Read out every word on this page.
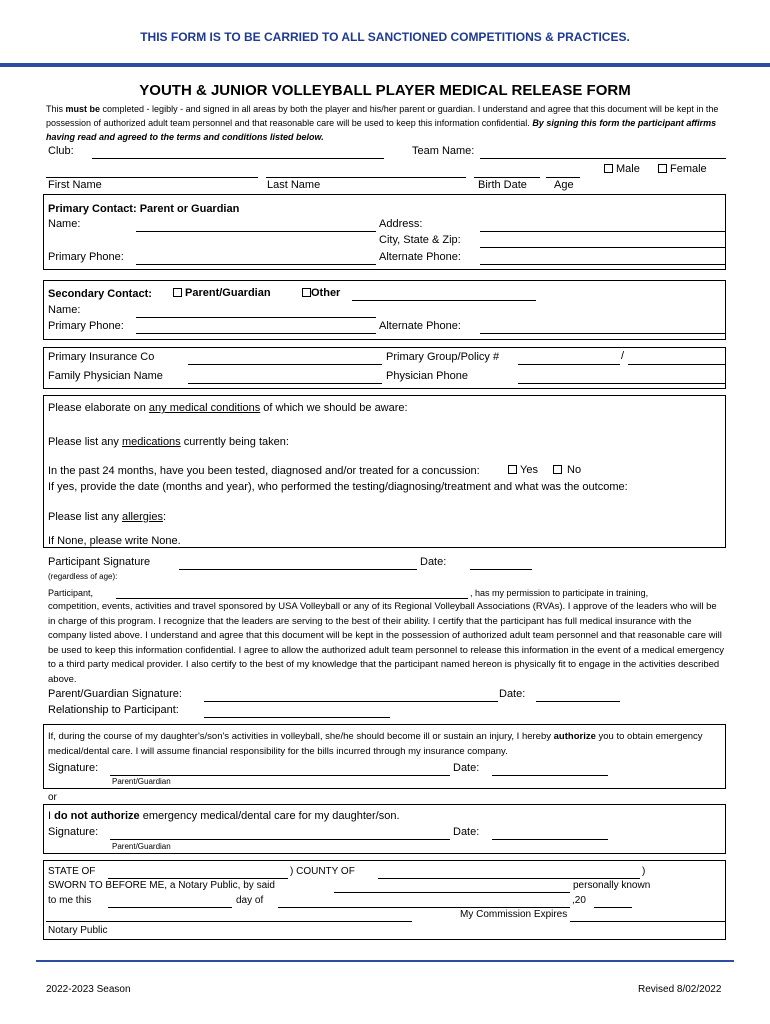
THIS FORM IS TO BE CARRIED TO ALL SANCTIONED COMPETITIONS & PRACTICES.
YOUTH & JUNIOR VOLLEYBALL PLAYER MEDICAL RELEASE FORM
This must be completed - legibly - and signed in all areas by both the player and his/her parent or guardian. I understand and agree that this document will be kept in the possession of authorized adult team personnel and that reasonable care will be used to keep this information confidential. By signing this form the participant affirms having read and agreed to the terms and conditions listed below.
Club:	Team Name:
Male	Female
First Name	Last Name	Birth Date Age
Primary Contact: Parent or Guardian
Name:	Address:
City, State & Zip:
Primary Phone:	Alternate Phone:
Secondary Contact:	Parent/Guardian	Other
Name:
Primary Phone:	Alternate Phone:
Primary Insurance Co	Primary Group/Policy #	/
Family Physician Name	Physician Phone
Please elaborate on any medical conditions of which we should be aware:
Please list any medications currently being taken:
In the past 24 months, have you been tested, diagnosed and/or treated for a concussion:	Yes	No
If yes, provide the date (months and year), who performed the testing/diagnosing/treatment and what was the outcome:
Please list any allergies:
If None, please write None.
Participant Signature	Date:
(regardless of age):
Participant,	, has my permission to participate in training,
competition, events, activities and travel sponsored by USA Volleyball or any of its Regional Volleyball Associations (RVAs). I approve of the leaders who will be in charge of this program. I recognize that the leaders are serving to the best of their ability. I certify that the participant has full medical insurance with the company listed above. I understand and agree that this document will be kept in the possession of authorized adult team personnel and that reasonable care will be used to keep this information confidential. I agree to allow the authorized adult team personnel to release this information in the event of a medical emergency to a third party medical provider. I also certify to the best of my knowledge that the participant named hereon is physically fit to engage in the activities described above.
Parent/Guardian Signature:	Date:
Relationship to Participant:
If, during the course of my daughter's/son's activities in volleyball, she/he should become ill or sustain an injury, I hereby authorize you to obtain emergency medical/dental care. I will assume financial responsibility for the bills incurred through my insurance company.
Signature:	Date:
Parent/Guardian
or
I do not authorize emergency medical/dental care for my daughter/son.
Signature:	Date:
Parent/Guardian
STATE OF	) COUNTY OF	)
SWORN TO BEFORE ME, a Notary Public, by said	personally known
to me this	day of	,20
My Commission Expires
Notary Public
2022-2023 Season	Revised 8/02/2022
